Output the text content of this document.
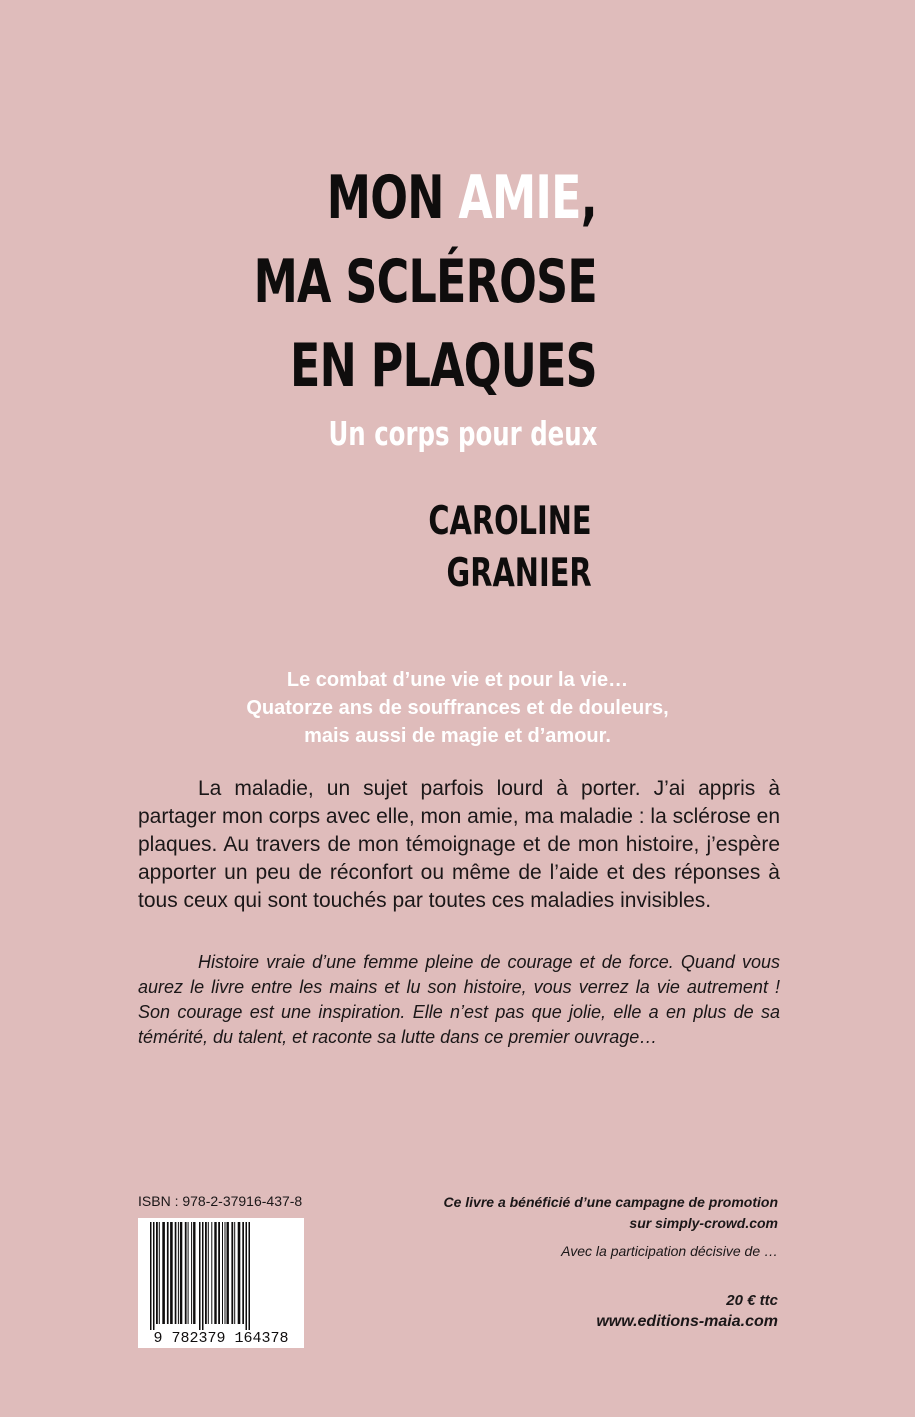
MON AMIE,
MA SCLÉROSE
EN PLAQUES
Un corps pour deux
CAROLINE
GRANIER
Le combat d’une vie et pour la vie…
Quatorze ans de souffrances et de douleurs,
mais aussi de magie et d’amour.

La maladie, un sujet parfois lourd à porter. J’ai appris à partager mon corps avec elle, mon amie, ma maladie : la sclérose en plaques. Au travers de mon témoignage et de mon histoire, j’espère apporter un peu de réconfort ou même de l’aide et des réponses à tous ceux qui sont touchés par toutes ces maladies invisibles.

Histoire vraie d’une femme pleine de courage et de force. Quand vous aurez le livre entre les mains et lu son histoire, vous verrez la vie autrement ! Son courage est une inspiration. Elle n’est pas que jolie, elle a en plus de sa témérité, du talent, et raconte sa lutte dans ce premier ouvrage…

ISBN : 978-2-37916-437-8
9 782379 164378
Ce livre a bénéficié d’une campagne de promotion
sur simply-crowd.com
Avec la participation décisive de …
20 € ttc
www.editions-maia.com
